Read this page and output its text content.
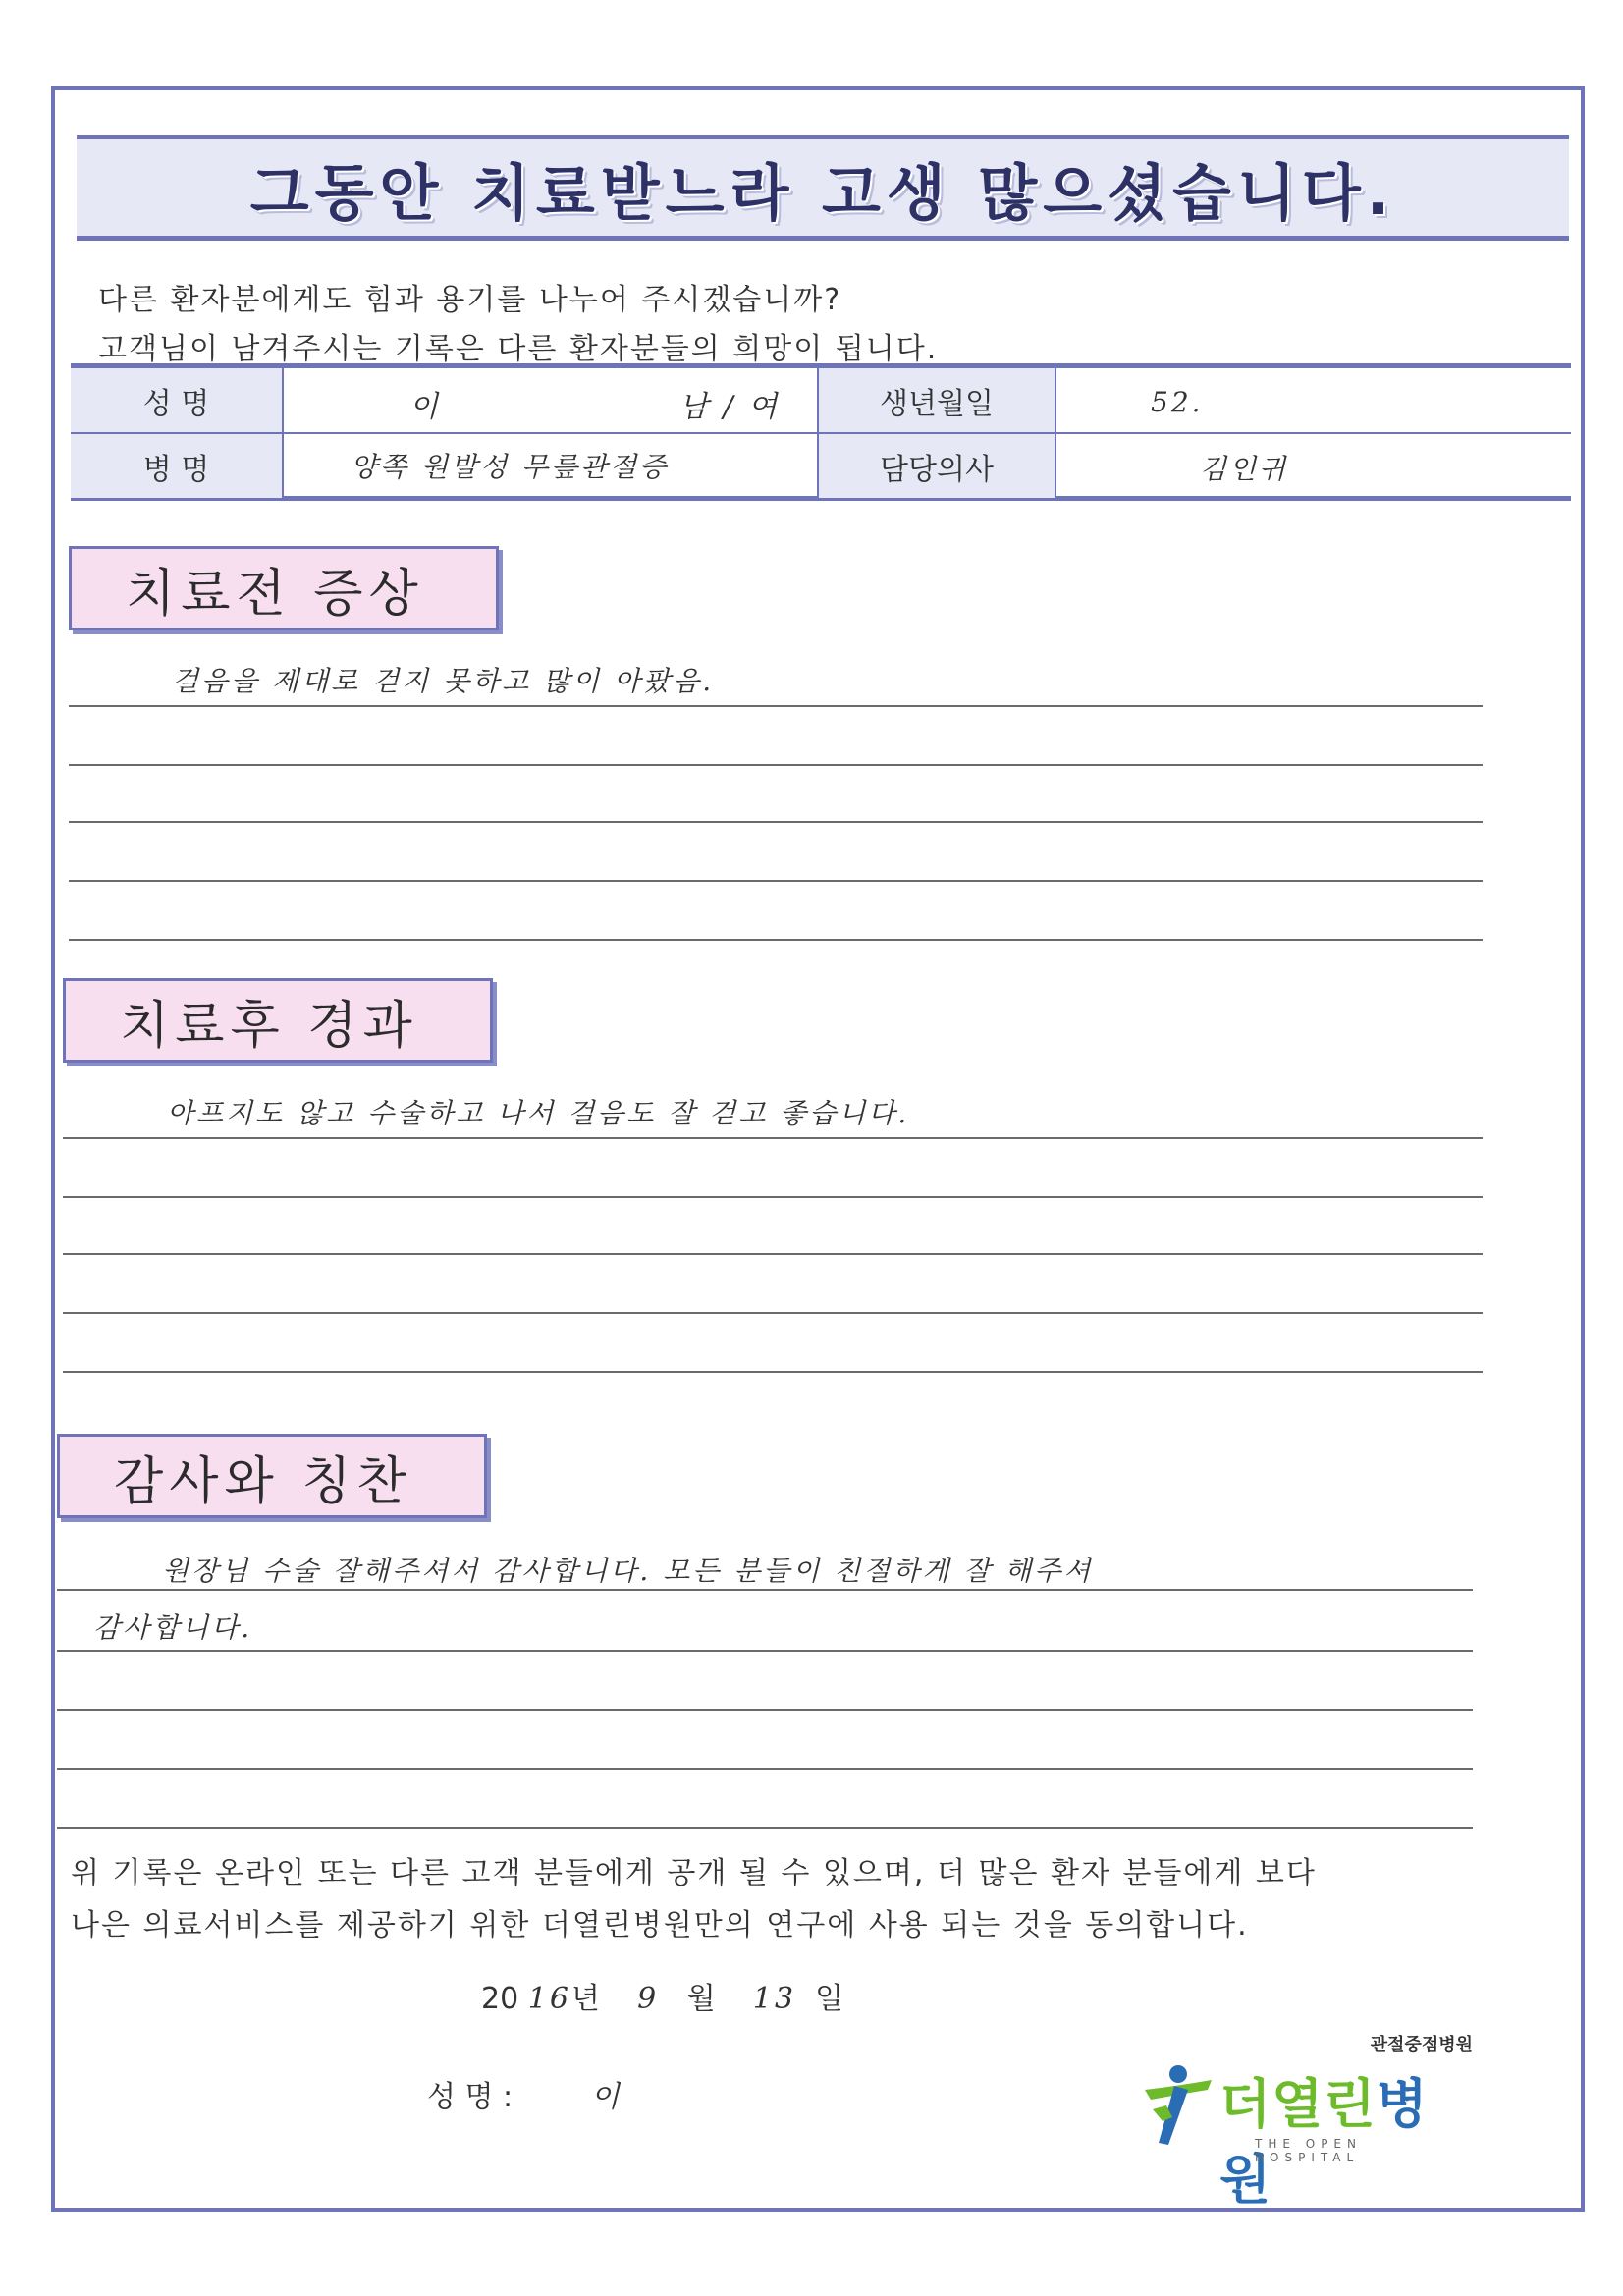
그동안 치료받느라 고생 많으셨습니다.
다른 환자분에게도 힘과 용기를 나누어 주시겠습니까?
고객님이 남겨주시는 기록은 다른 환자분들의 희망이 됩니다.
성 명	이	남 / 여	생년월일	52.
병 명	양쪽 원발성 무릎관절증	담당의사	김인귀
치료전 증상
걸음을 제대로 걷지 못하고 많이 아팠음.
치료후 경과
아프지도 않고 수술하고 나서 걸음도 잘 걷고 좋습니다.
감사와 칭찬
원장님 수술 잘해주셔서 감사합니다. 모든 분들이 친절하게 잘 해주셔
감사합니다.
위 기록은 온라인 또는 다른 고객 분들에게 공개 될 수 있으며, 더 많은 환자 분들에게 보다
나은 의료서비스를 제공하기 위한 더열린병원만의 연구에 사용 되는 것을 동의합니다.
20 16년 9 월 13 일
성 명 :	이
관절중점병원
더열린병원
THE OPEN HOSPITAL
